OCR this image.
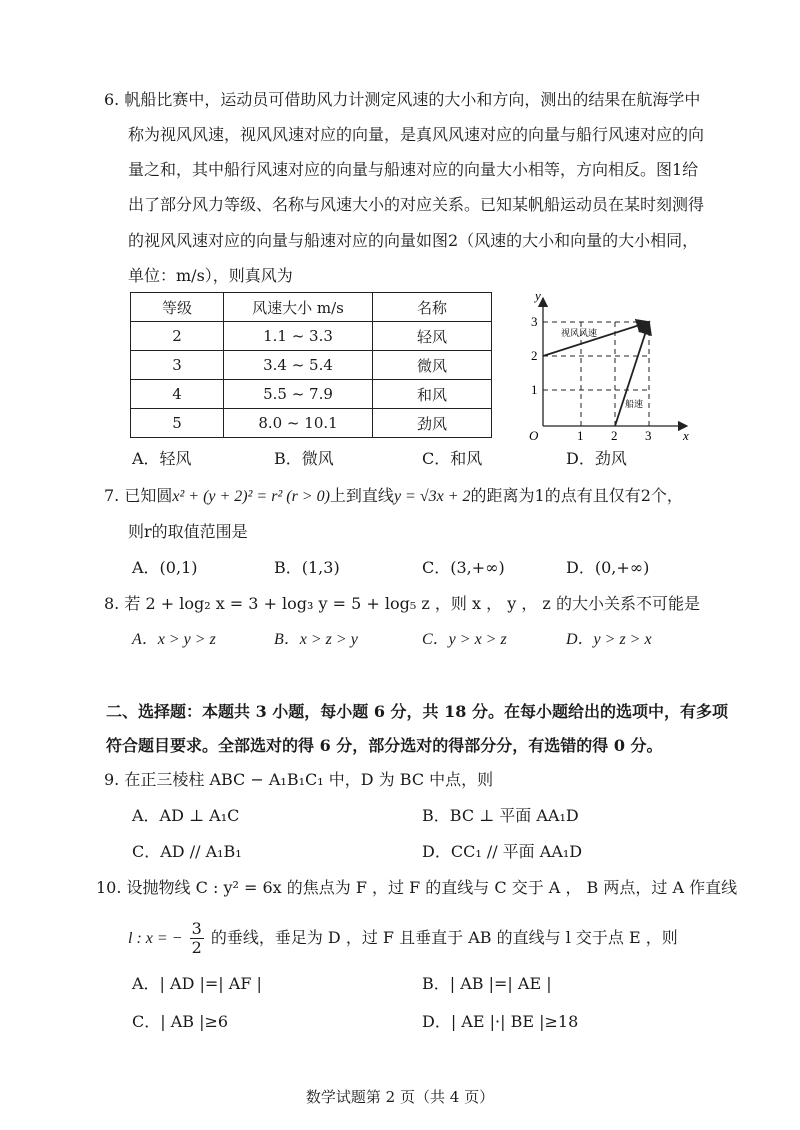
6. 帆船比赛中，运动员可借助风力计测定风速的大小和方向，测出的结果在航海学中
称为视风风速，视风风速对应的向量，是真风风速对应的向量与船行风速对应的向
量之和，其中船行风速对应的向量与船速对应的向量大小相等，方向相反。图1给
出了部分风力等级、名称与风速大小的对应关系。已知某帆船运动员在某时刻测得
的视风风速对应的向量与船速对应的向量如图2（风速的大小和向量的大小相同，
单位：m/s），则真风为
等级	风速大小 m/s	名称
2	1.1 ~ 3.3	轻风
3	3.4 ~ 5.4	微风
4	5.5 ~ 7.9	和风
5	8.0 ~ 10.1	劲风
y
x
O	1 2 3
1
2
3
视风风速
船速
A．轻风	B．微风	C．和风	D．劲风
7. 已知圆x² + (y + 2)² = r² (r > 0)上到直线y = √3x + 2的距离为1的点有且仅有2个，
则r的取值范围是
A．(0,1)	B．(1,3)	C．(3,+∞)	D．(0,+∞)
8. 若 2 + log₂ x = 3 + log₃ y = 5 + log₅ z ，则 x ， y ， z 的大小关系不可能是
A．x > y > z	B．x > z > y	C．y > x > z	D．y > z > x
二、选择题：本题共 3 小题，每小题 6 分，共 18 分。在每小题给出的选项中，有多项
符合题目要求。全部选对的得 6 分，部分选对的得部分分，有选错的得 0 分。
9. 在正三棱柱 ABC − A₁B₁C₁ 中，D 为 BC 中点，则
A．AD ⊥ A₁C	B．BC ⊥ 平面 AA₁D
C．AD // A₁B₁	D．CC₁ // 平面 AA₁D
10. 设抛物线 C : y² = 6x 的焦点为 F ，过 F 的直线与 C 交于 A ， B 两点，过 A 作直线
l : x = − $\frac{3}{2}$ 的垂线，垂足为 D ，过 F 且垂直于 AB 的直线与 l 交于点 E ，则
A．| AD |=| AF |	B．| AB |=| AE |
C．| AB |≥6	D．| AE |·| BE |≥18
数学试题第 2 页（共 4 页）
